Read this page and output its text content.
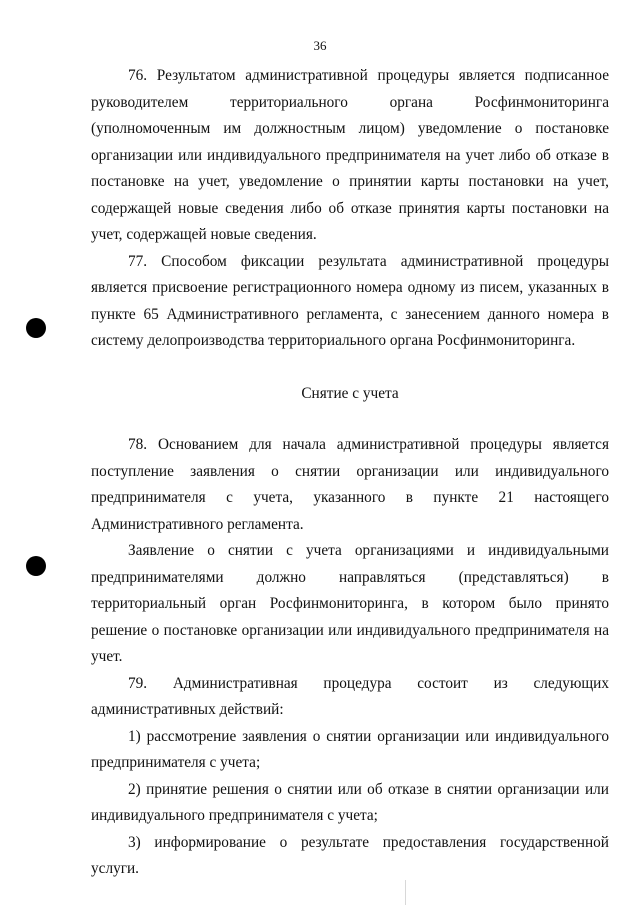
36

76. Результатом административной процедуры является подписанное руководителем территориального органа Росфинмониторинга (уполномоченным им должностным лицом) уведомление о постановке организации или индивидуального предпринимателя на учет либо об отказе в постановке на учет, уведомление о принятии карты постановки на учет, содержащей новые сведения либо об отказе принятия карты постановки на учет, содержащей новые сведения.

77. Способом фиксации результата административной процедуры является присвоение регистрационного номера одному из писем, указанных в пункте 65 Административного регламента, с занесением данного номера в систему делопроизводства территориального органа Росфинмониторинга.

Снятие с учета

78. Основанием для начала административной процедуры является поступление заявления о снятии организации или индивидуального предпринимателя с учета, указанного в пункте 21 настоящего Административного регламента.

Заявление о снятии с учета организациями и индивидуальными предпринимателями должно направляться (представляться) в территориальный орган Росфинмониторинга, в котором было принято решение о постановке организации или индивидуального предпринимателя на учет.

79. Административная процедура состоит из следующих административных действий:

1) рассмотрение заявления о снятии организации или индивидуального предпринимателя с учета;

2) принятие решения о снятии или об отказе в снятии организации или индивидуального предпринимателя с учета;

3) информирование о результате предоставления государственной услуги.
